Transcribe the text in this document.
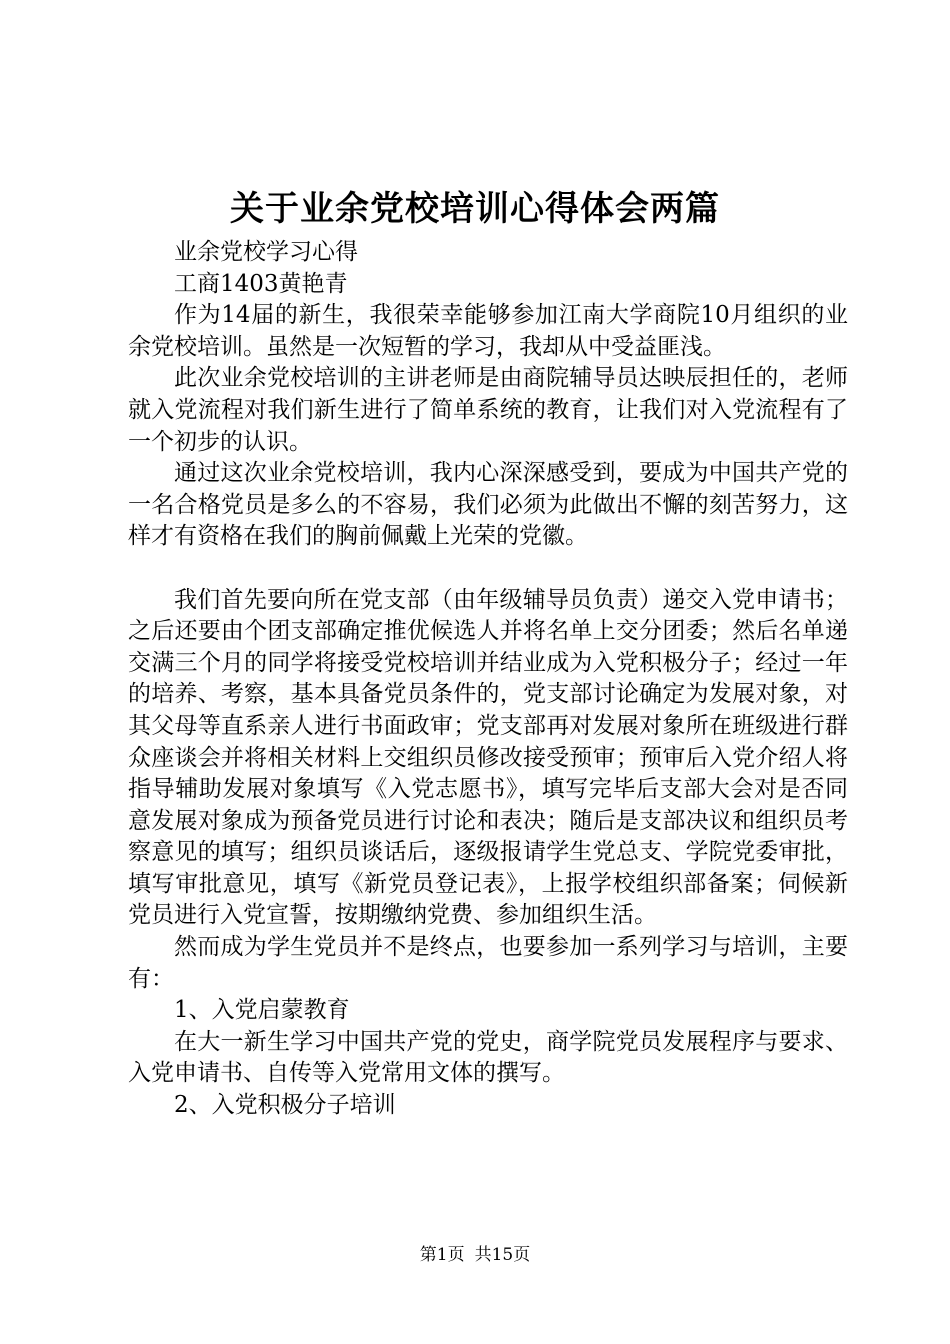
关于业余党校培训心得体会两篇

业余党校学习心得

工商1403黄艳青

作为14届的新生，我很荣幸能够参加江南大学商院10月组织的业余党校培训。虽然是一次短暂的学习，我却从中受益匪浅。

此次业余党校培训的主讲老师是由商院辅导员达映辰担任的，老师就入党流程对我们新生进行了简单系统的教育，让我们对入党流程有了一个初步的认识。

通过这次业余党校培训，我内心深深感受到，要成为中国共产党的一名合格党员是多么的不容易，我们必须为此做出不懈的刻苦努力，这样才有资格在我们的胸前佩戴上光荣的党徽。

我们首先要向所在党支部（由年级辅导员负责）递交入党申请书；之后还要由个团支部确定推优候选人并将名单上交分团委；然后名单递交满三个月的同学将接受党校培训并结业成为入党积极分子；经过一年的培养、考察，基本具备党员条件的，党支部讨论确定为发展对象，对其父母等直系亲人进行书面政审；党支部再对发展对象所在班级进行群众座谈会并将相关材料上交组织员修改接受预审；预审后入党介绍人将指导辅助发展对象填写《入党志愿书》，填写完毕后支部大会对是否同意发展对象成为预备党员进行讨论和表决；随后是支部决议和组织员考察意见的填写；组织员谈话后，逐级报请学生党总支、学院党委审批，填写审批意见，填写《新党员登记表》，上报学校组织部备案；伺候新党员进行入党宣誓，按期缴纳党费、参加组织生活。

然而成为学生党员并不是终点，也要参加一系列学习与培训，主要有：

1、入党启蒙教育

在大一新生学习中国共产党的党史，商学院党员发展程序与要求、入党申请书、自传等入党常用文体的撰写。

2、入党积极分子培训

第1页 共15页
